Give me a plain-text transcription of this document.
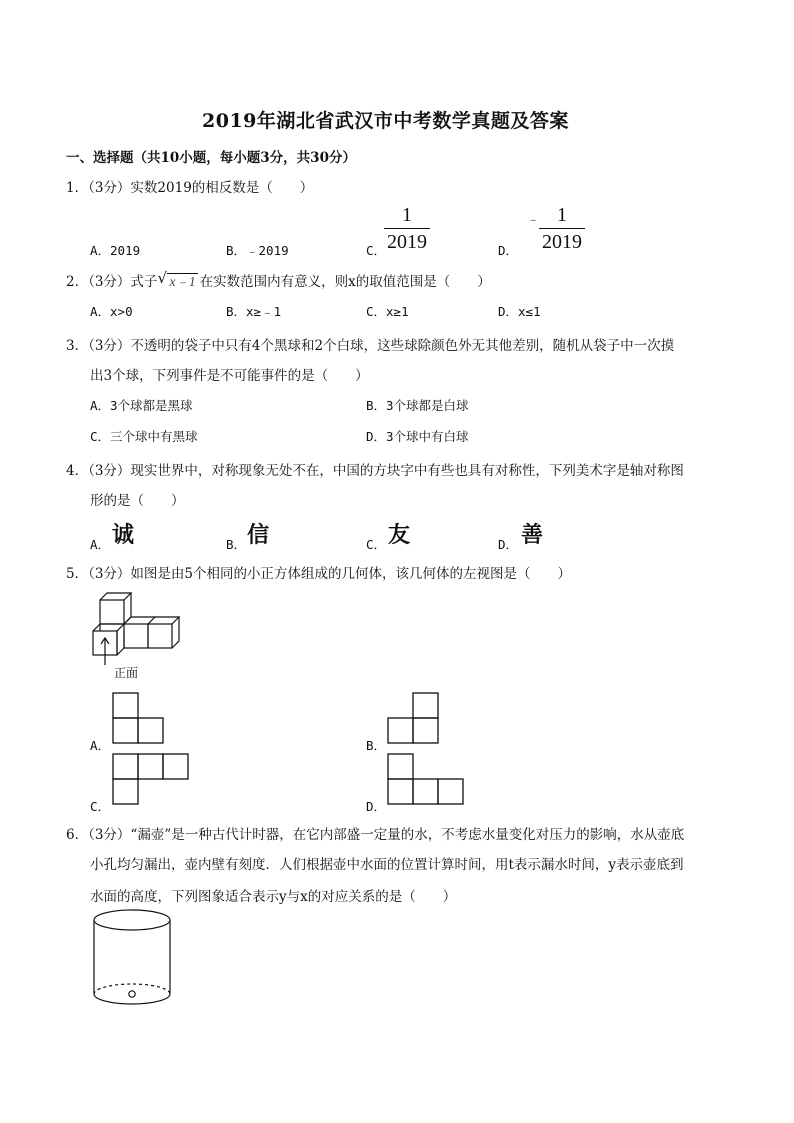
2019年湖北省武汉市中考数学真题及答案
一、选择题（共10小题，每小题3分，共30分）
1．（3分）实数2019的相反数是（　　）
A．2019	B．﹣2019	C．
1
2019	D．
﹣ 1
2019
2．（3分）式子 √ x﹣1 在实数范围内有意义，则x的取值范围是（　　）
A．x>0	B．x≥﹣1	C．x≥1	D．x≤1
3．（3分）不透明的袋子中只有4个黑球和2个白球，这些球除颜色外无其他差别，随机从袋子中一次摸
出3个球，下列事件是不可能事件的是（　　）
A．3个球都是黑球	B．3个球都是白球
C．三个球中有黑球	D．3个球中有白球
4．（3分）现实世界中，对称现象无处不在，中国的方块字中有些也具有对称性，下列美术字是轴对称图
形的是（　　）
A． 诚	B． 信	C． 友	D． 善
5．（3分）如图是由5个相同的小正方体组成的几何体，该几何体的左视图是（　　）
正面
A．	B．
C．	D．
6．（3分）“漏壶”是一种古代计时器，在它内部盛一定量的水，不考虑水量变化对压力的影响，水从壶底
小孔均匀漏出，壶内壁有刻度．人们根据壶中水面的位置计算时间，用t表示漏水时间，y表示壶底到
水面的高度，下列图象适合表示y与x的对应关系的是（　　）
